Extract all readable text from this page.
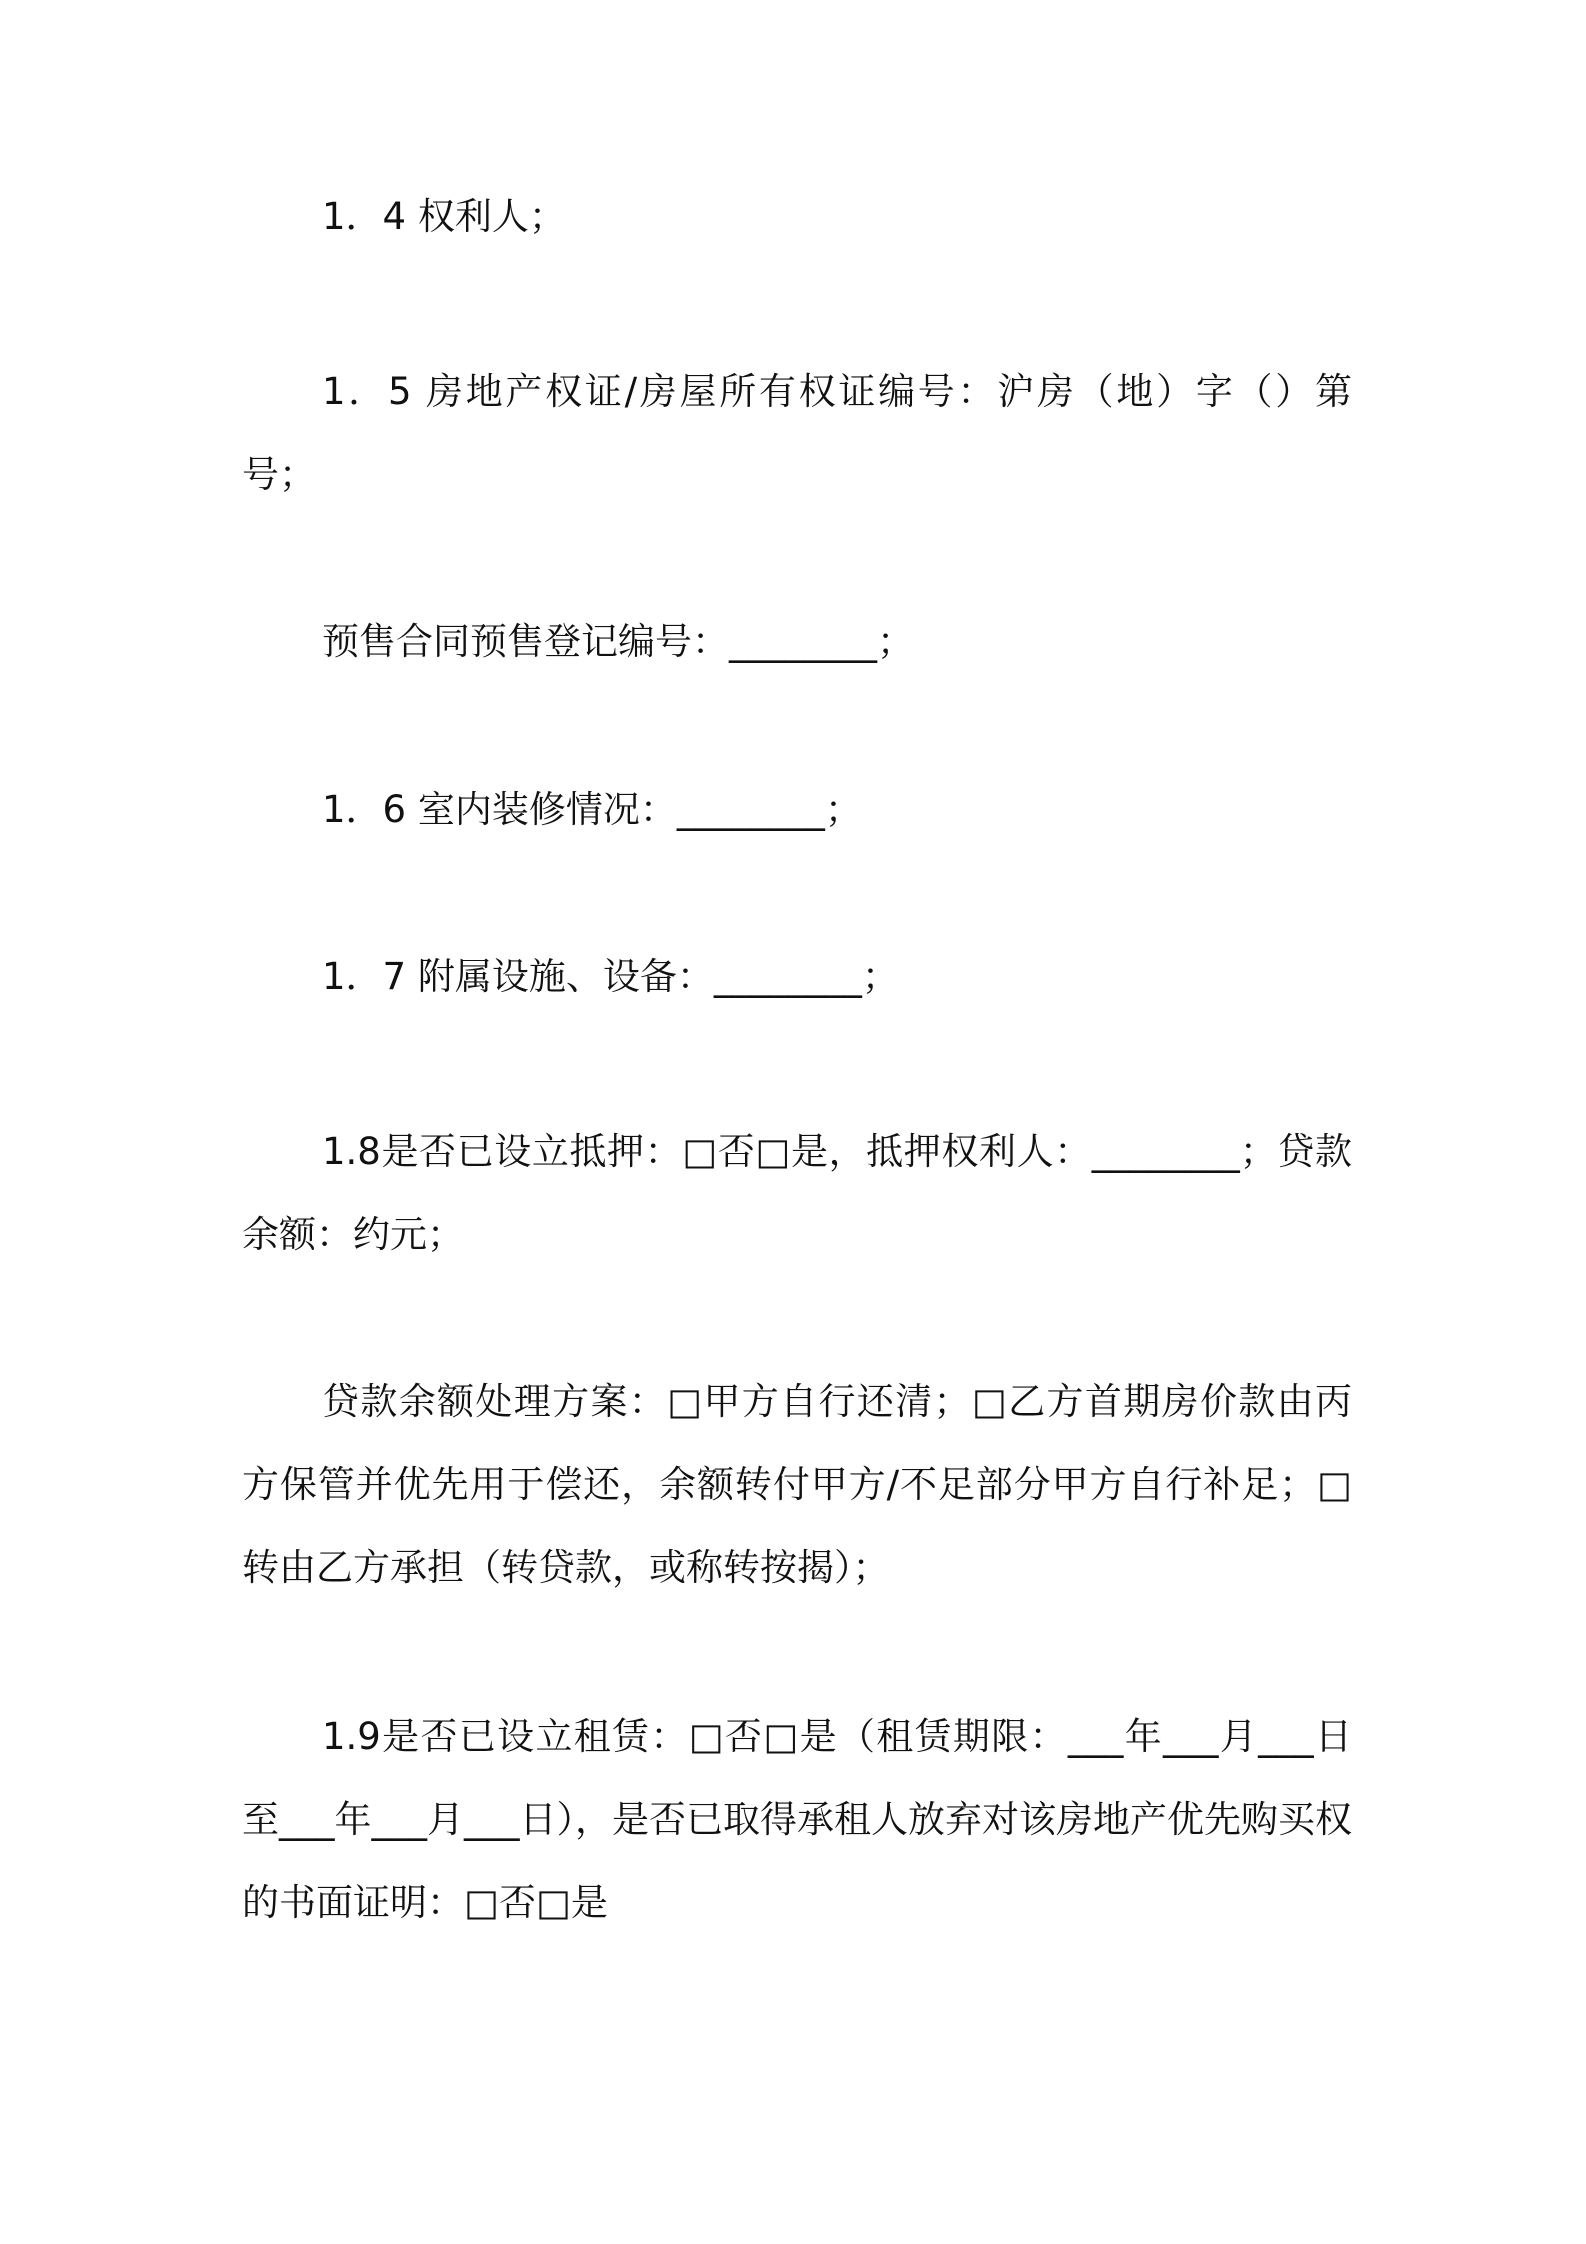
1．4 权利人；

1．5 房地产权证/房屋所有权证编号：沪房（地）字（）第号；

预售合同预售登记编号：________；

1．6 室内装修情况：________；

1．7 附属设施、设备：________；

1.8是否已设立抵押：□否□是，抵押权利人：________；贷款余额：约元；

贷款余额处理方案：□甲方自行还清；□乙方首期房价款由丙方保管并优先用于偿还，余额转付甲方/不足部分甲方自行补足；□转由乙方承担（转贷款，或称转按揭）；

1.9是否已设立租赁：□否□是（租赁期限：___年___月___日至___年___月___日），是否已取得承租人放弃对该房地产优先购买权的书面证明：□否□是
